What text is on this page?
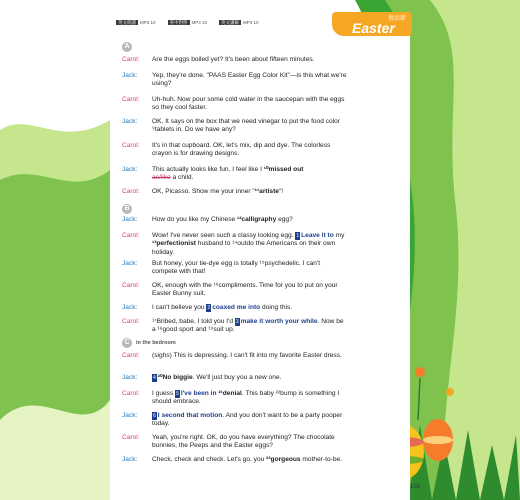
英文朗讀 MP3 10	英中對照 MP3 10	英文講解 MP3 10
復活節
Easter
A
Carol:	Are the eggs boiled yet? It's been about fifteen minutes.
Jack:	Yep, they're done. "PAAS Easter Egg Color Kit"—is this what we're using?
Carol:	Uh-huh. Now pour some cold water in the saucepan with the eggs so they cool faster.
Jack:	OK. It says on the box that we need vinegar to put the food color ⁹tablets in. Do we have any?
Carol:	It's in that cupboard. OK, let's mix, dip and dye. The colorless crayon is for drawing designs.
Jack:	This actually looks like fun. I feel like I ¹⁰missed out
as/like a child.
Carol:	OK, Picasso. Show me your inner "¹¹artiste"!
B
Jack:	How do you like my Chinese ¹²calligraphy egg?
Carol:	Wow! I've never seen such a classy looking egg. 1 Leave it to my ¹³perfectionist husband to ¹⁴outdo the Americans on their own holiday.
Jack:	But honey, your tie-dye egg is totally ¹⁵psychedelic. I can't compete with that!
Carol:	OK, enough with the ¹⁶compliments. Time for you to put on your Easter Bunny suit.
Jack:	I can't believe you 2 coaxed me into doing this.
Carol:	¹⁷Bribed, babe. I told you I'd 3 make it worth your while. Now be a ¹⁸good sport and ¹⁹suit up.
C	in the bedroom
Carol:	(sighs) This is depressing. I can't fit into my favorite Easter dress.
Jack:	4 ²⁰No biggie. We'll just buy you a new one.
Carol:	I guess 5 I've been in ²¹denial. This baby ²²bump is something I should embrace.
Jack:	6 I second that motion. And you don't want to be a party pooper today.
Carol:	Yeah, you're right. OK, do you have everything? The chocolate bunnies, the Peeps and the Easter eggs?
Jack:	Check, check and check. Let's go, you ²³gorgeous mother-to-be.
103
